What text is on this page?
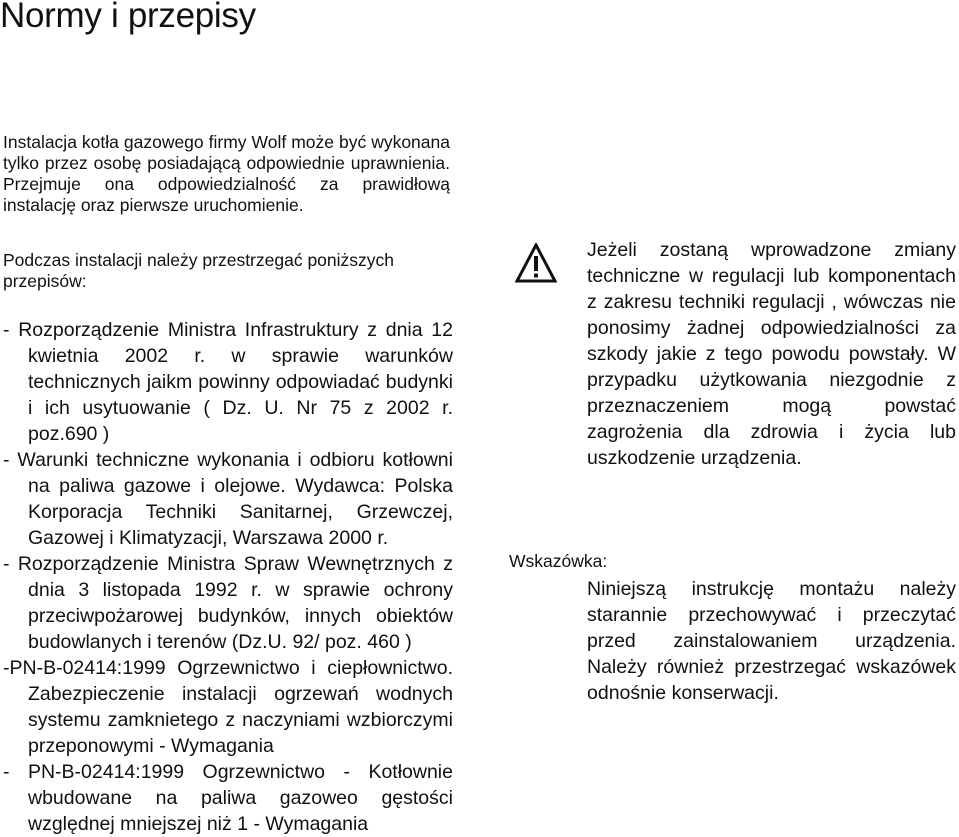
Normy i przepisy

Instalacja kotła gazowego firmy Wolf może być wykonana tylko przez osobę posiadającą odpowiednie uprawnienia. Przejmuje ona odpowiedzialność za prawidłową instalację oraz pierwsze uruchomienie.

Podczas instalacji należy przestrzegać poniższych przepisów:

- Rozporządzenie Ministra Infrastruktury z dnia 12 kwietnia 2002 r. w sprawie warunków technicznych jaikm powinny odpowiadać budynki i ich usytuowanie ( Dz. U. Nr 75 z 2002 r. poz.690 )

- Warunki techniczne wykonania i odbioru kotłowni na paliwa gazowe i olejowe. Wydawca: Polska Korporacja Techniki Sanitarnej, Grzewczej, Gazowej i Klimatyzacji, Warszawa 2000 r.

- Rozporządzenie Ministra Spraw Wewnętrznych z dnia 3 listopada 1992 r. w sprawie ochrony przeciwpożarowej budynków, innych obiektów budowlanych i terenów (Dz.U. 92/ poz. 460 )

-PN-B-02414:1999 Ogrzewnictwo i ciepłownictwo. Zabezpieczenie instalacji ogrzewań wodnych systemu zamknietego z naczyniami wzbiorczymi przeponowymi - Wymagania

- PN-B-02414:1999 Ogrzewnictwo - Kotłownie wbudowane na paliwa gazoweo gęstości względnej mniejszej niż 1 - Wymagania

Jeżeli zostaną wprowadzone zmiany techniczne w regulacji lub komponentach z zakresu techniki regulacji , wówczas nie ponosimy żadnej odpowiedzialności za szkody jakie z tego powodu powstały. W przypadku użytkowania niezgodnie z przeznaczeniem mogą powstać zagrożenia dla zdrowia i życia lub uszkodzenie urządzenia.

Wskazówka:

Niniejszą instrukcję montażu należy starannie przechowywać i przeczytać przed zainstalowaniem urządzenia. Należy również przestrzegać wskazówek odnośnie konserwacji.
